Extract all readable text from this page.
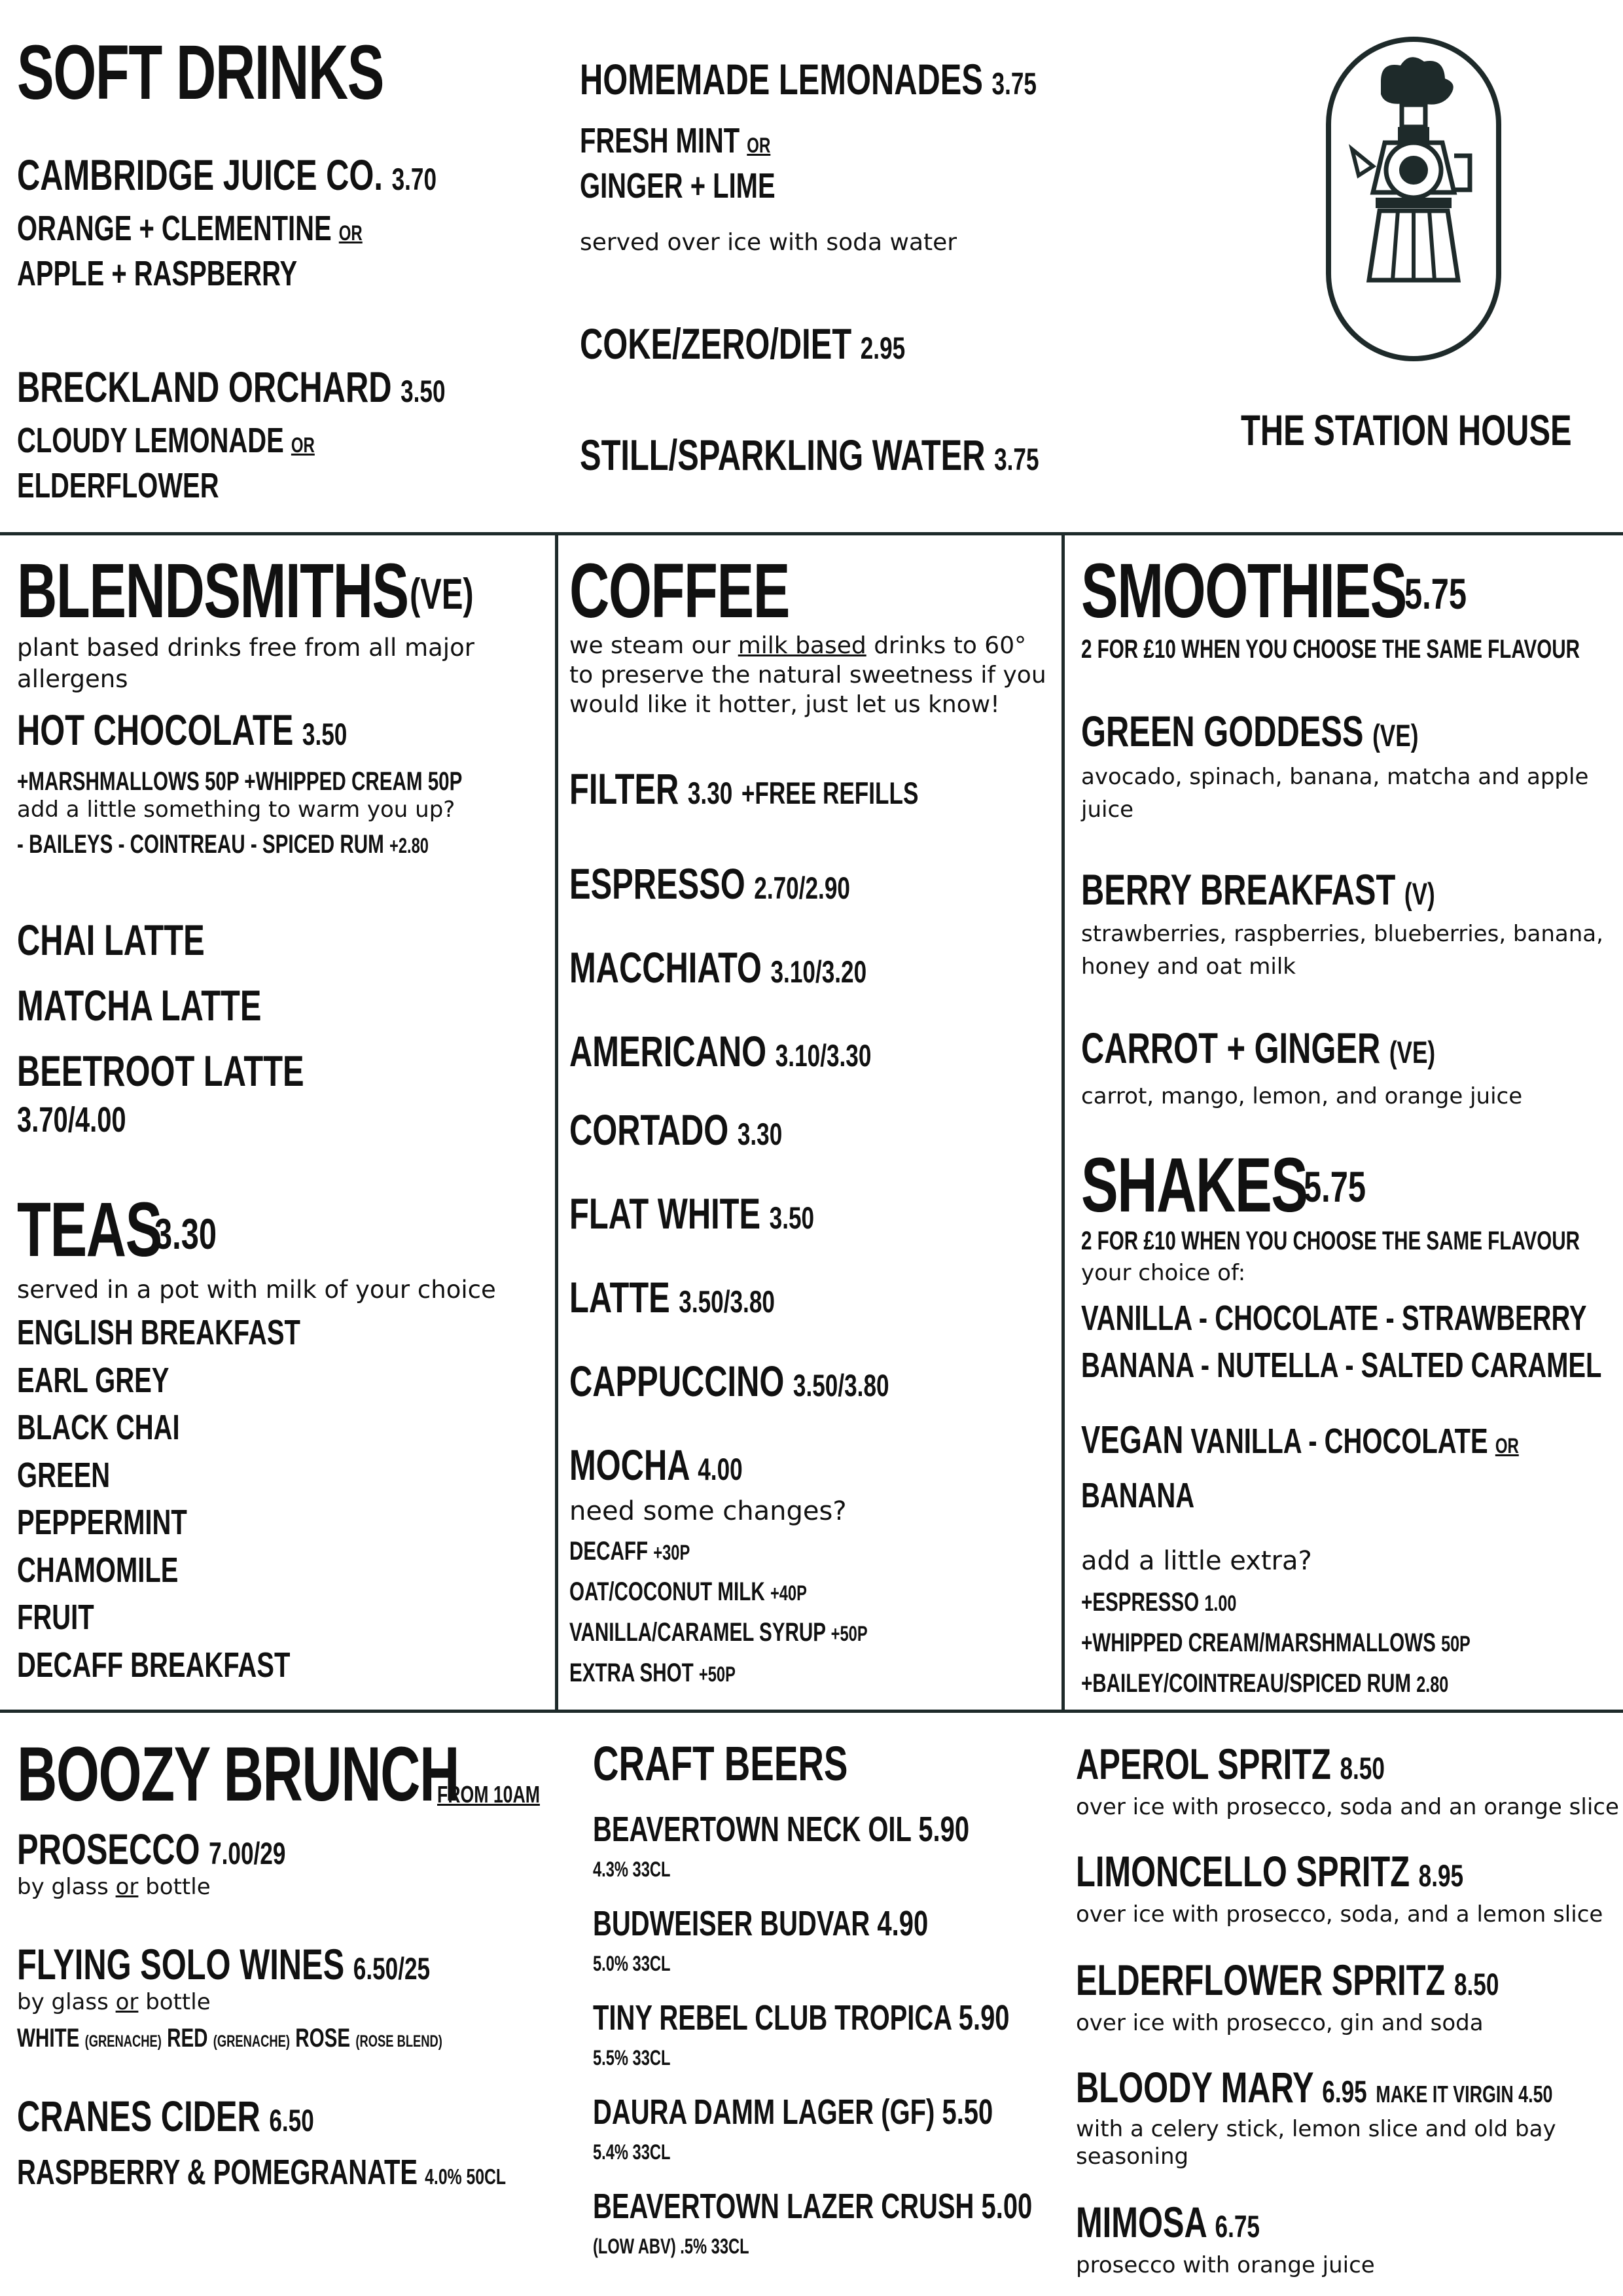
SOFT DRINKS
CAMBRIDGE JUICE CO. 3.70
ORANGE + CLEMENTINE OR
APPLE + RASPBERRY
BRECKLAND ORCHARD 3.50
CLOUDY LEMONADE OR
ELDERFLOWER
HOMEMADE LEMONADES 3.75
FRESH MINT OR
GINGER + LIME
served over ice with soda water
COKE/ZERO/DIET 2.95
STILL/SPARKLING WATER 3.75
THE STATION HOUSE
BLENDSMITHS (VE)
plant based drinks free from all major allergens
HOT CHOCOLATE 3.50
+MARSHMALLOWS 50P +WHIPPED CREAM 50P
add a little something to warm you up?
- BAILEYS - COINTREAU - SPICED RUM +2.80
CHAI LATTE
MATCHA LATTE
BEETROOT LATTE
3.70/4.00
TEAS
3.30
served in a pot with milk of your choice
ENGLISH BREAKFAST
EARL GREY
BLACK CHAI
GREEN
PEPPERMINT
CHAMOMILE
FRUIT
DECAFF BREAKFAST
COFFEE
we steam our milk based drinks to 60° to preserve the natural sweetness if you would like it hotter, just let us know!
FILTER 3.30 +FREE REFILLS
ESPRESSO 2.70/2.90
MACCHIATO 3.10/3.20
AMERICANO 3.10/3.30
CORTADO 3.30
FLAT WHITE 3.50
LATTE 3.50/3.80
CAPPUCCINO 3.50/3.80
MOCHA 4.00
need some changes?
DECAFF +30P
OAT/COCONUT MILK +40P
VANILLA/CARAMEL SYRUP +50P
EXTRA SHOT +50P
SMOOTHIES
5.75
2 FOR £10 WHEN YOU CHOOSE THE SAME FLAVOUR
GREEN GODDESS (VE)
avocado, spinach, banana, matcha and apple juice
BERRY BREAKFAST (V)
strawberries, raspberries, blueberries, banana, honey and oat milk
CARROT + GINGER (VE)
carrot, mango, lemon, and orange juice
SHAKES
5.75
2 FOR £10 WHEN YOU CHOOSE THE SAME FLAVOUR
your choice of:
VANILLA - CHOCOLATE - STRAWBERRY
BANANA - NUTELLA - SALTED CARAMEL
VEGAN VANILLA - CHOCOLATE OR
BANANA
add a little extra?
+ESPRESSO 1.00
+WHIPPED CREAM/MARSHMALLOWS 50P
+BAILEY/COINTREAU/SPICED RUM 2.80
BOOZY BRUNCH
FROM 10AM
PROSECCO 7.00/29
by glass or bottle
FLYING SOLO WINES 6.50/25
by glass or bottle
WHITE (GRENACHE) RED (GRENACHE) ROSE (ROSE BLEND)
CRANES CIDER 6.50
RASPBERRY & POMEGRANATE 4.0% 50CL
CRAFT BEERS
BEAVERTOWN NECK OIL 5.90
4.3% 33CL
BUDWEISER BUDVAR 4.90
5.0% 33CL
TINY REBEL CLUB TROPICA 5.90
5.5% 33CL
DAURA DAMM LAGER (GF) 5.50
5.4% 33CL
BEAVERTOWN LAZER CRUSH 5.00
(LOW ABV) .5% 33CL
APEROL SPRITZ 8.50
over ice with prosecco, soda and an orange slice
LIMONCELLO SPRITZ 8.95
over ice with prosecco, soda, and a lemon slice
ELDERFLOWER SPRITZ 8.50
over ice with prosecco, gin and soda
BLOODY MARY 6.95 MAKE IT VIRGIN 4.50
with a celery stick, lemon slice and old bay seasoning
MIMOSA 6.75
prosecco with orange juice
